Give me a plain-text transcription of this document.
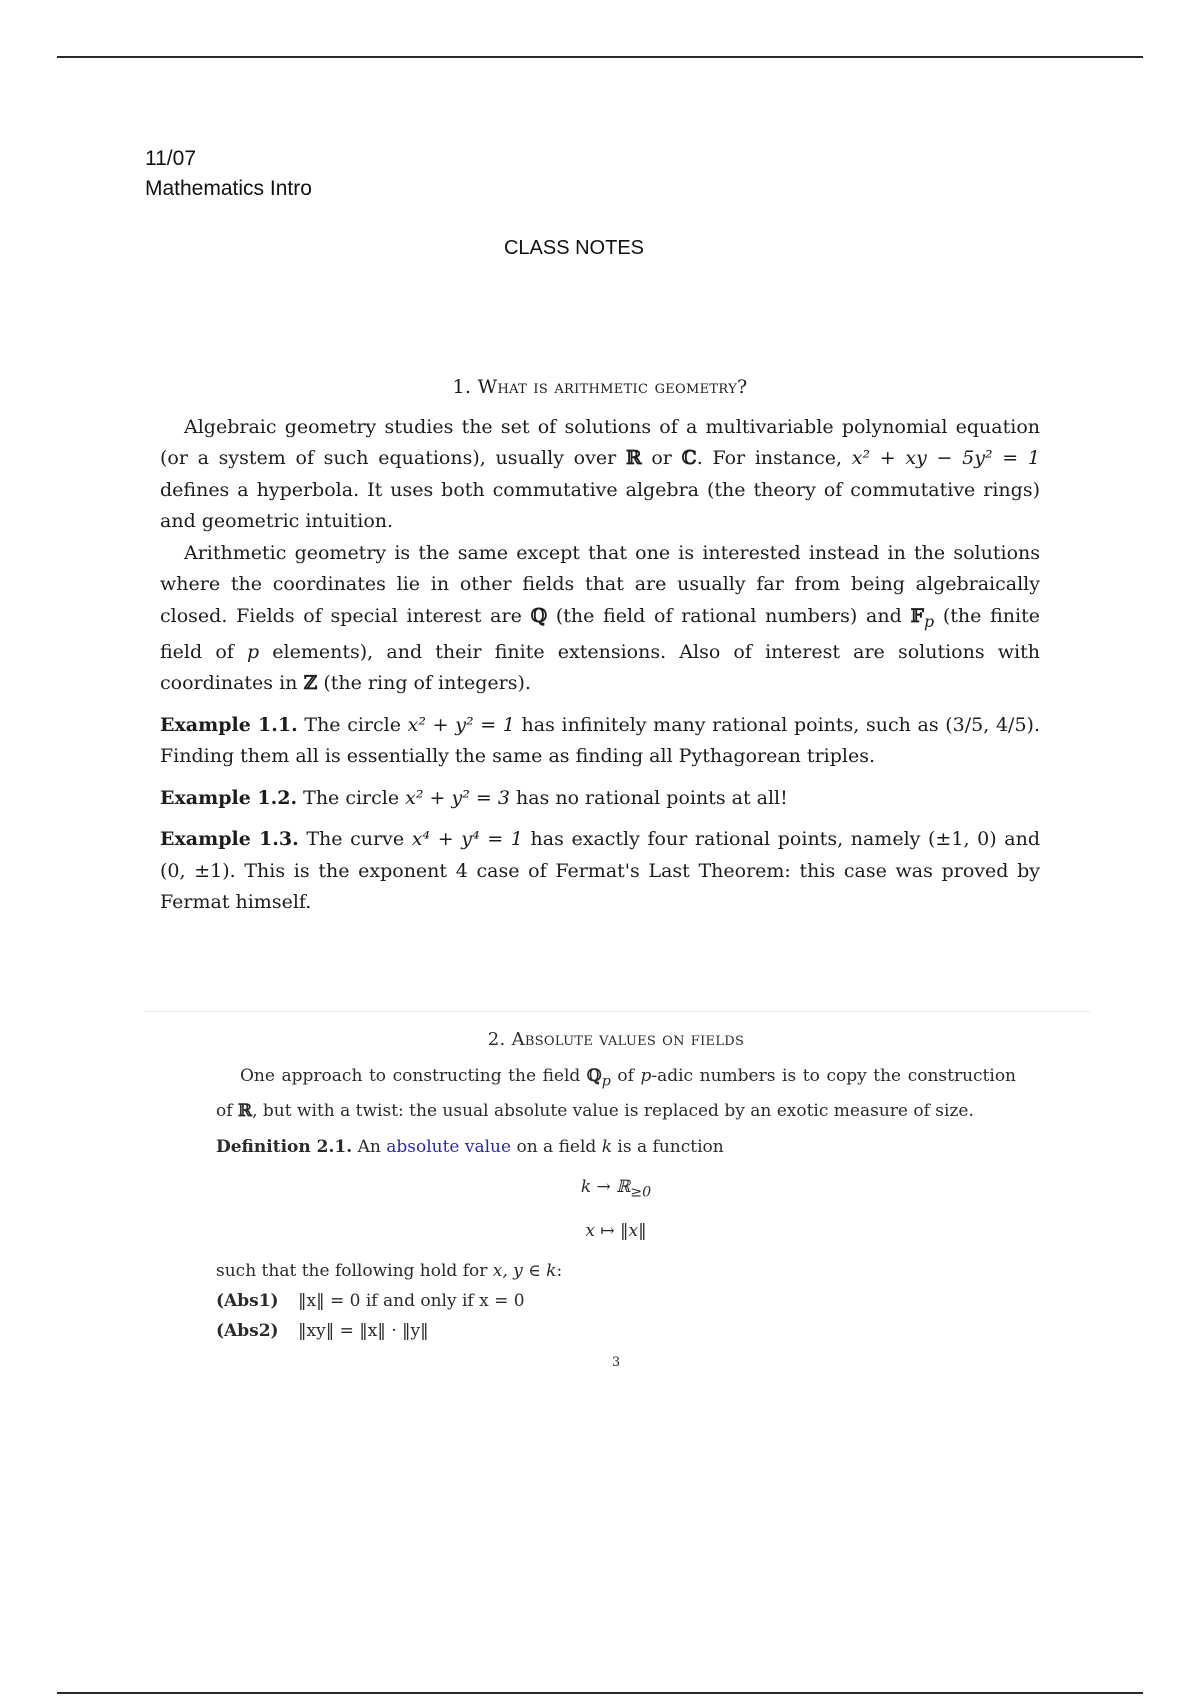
11/07
Mathematics Intro
CLASS NOTES
1. What is arithmetic geometry?

Algebraic geometry studies the set of solutions of a multivariable polynomial equation (or a system of such equations), usually over ℝ or ℂ. For instance, x² + xy − 5y² = 1 defines a hyperbola. It uses both commutative algebra (the theory of commutative rings) and geometric intuition.

Arithmetic geometry is the same except that one is interested instead in the solutions where the coordinates lie in other fields that are usually far from being algebraically closed. Fields of special interest are ℚ (the field of rational numbers) and 𝔽$_p$ (the finite field of p elements), and their finite extensions. Also of interest are solutions with coordinates in ℤ (the ring of integers).

Example 1.1. The circle x² + y² = 1 has infinitely many rational points, such as (3/5, 4/5). Finding them all is essentially the same as finding all Pythagorean triples.

Example 1.2. The circle x² + y² = 3 has no rational points at all!

Example 1.3. The curve x⁴ + y⁴ = 1 has exactly four rational points, namely (±1, 0) and (0, ±1). This is the exponent 4 case of Fermat's Last Theorem: this case was proved by Fermat himself.

2. Absolute values on fields

One approach to constructing the field ℚ$_p$ of p-adic numbers is to copy the construction of ℝ, but with a twist: the usual absolute value is replaced by an exotic measure of size.

Definition 2.1. An absolute value on a field k is a function

k → ℝ$_{\ge 0}$
x ↦ ‖x‖

such that the following hold for x, y ∈ k:

(Abs1) ‖x‖ = 0 if and only if x = 0

(Abs2) ‖xy‖ = ‖x‖ · ‖y‖

3
